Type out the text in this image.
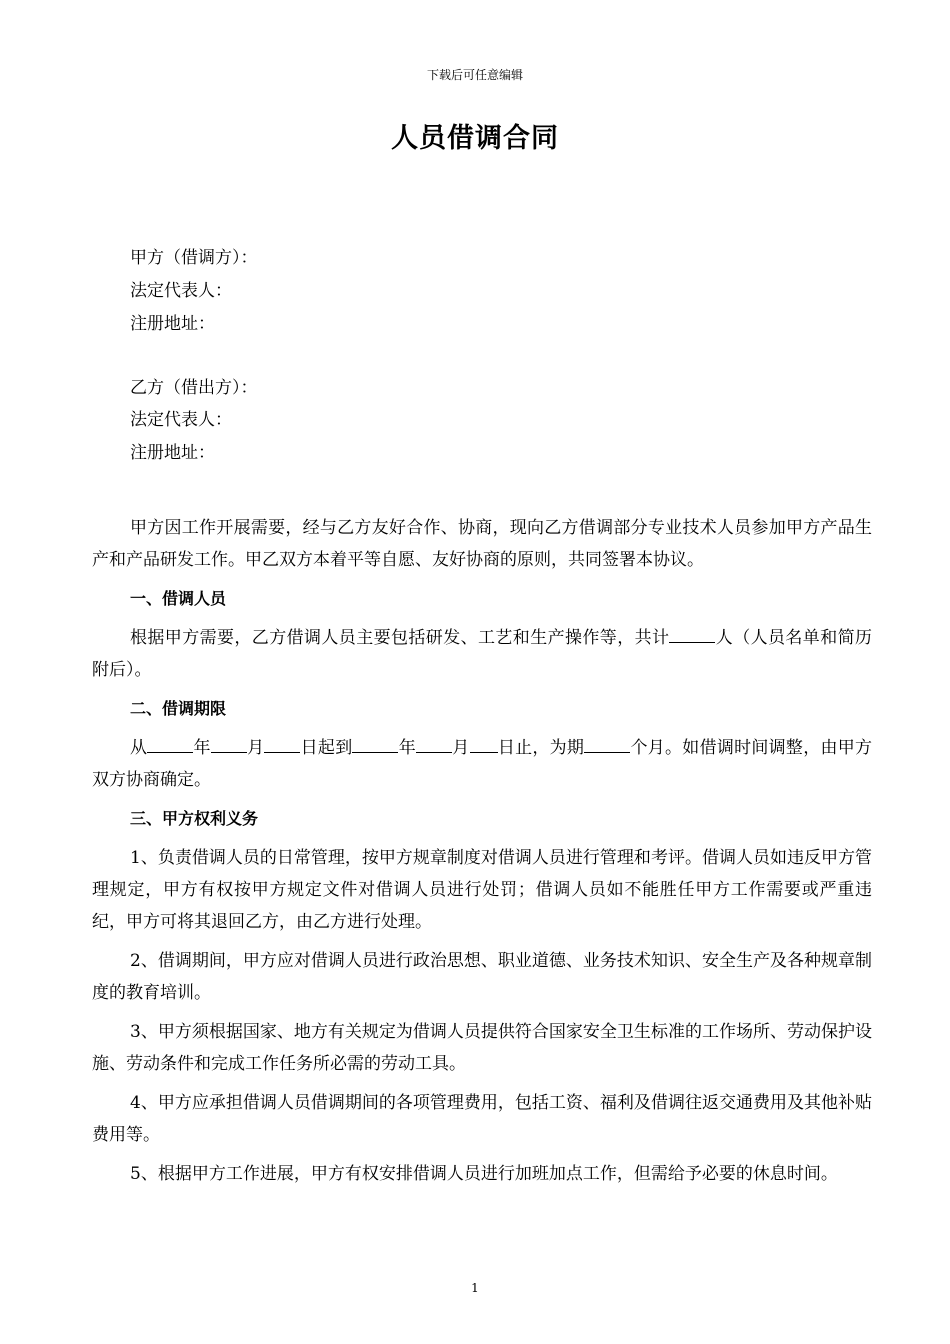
下载后可任意编辑
人员借调合同
甲方（借调方）：
法定代表人：
注册地址：
乙方（借出方）：
法定代表人：
注册地址：

甲方因工作开展需要，经与乙方友好合作、协商，现向乙方借调部分专业技术人员参加甲方产品生产和产品研发工作。甲乙双方本着平等自愿、友好协商的原则，共同签署本协议。

一、借调人员

根据甲方需要，乙方借调人员主要包括研发、工艺和生产操作等，共计	人（人员名单和简历附后）。

二、借调期限

从	年 月 日起到	年 月 日止，为期	个月。如借调时间调整，由甲方双方协商确定。

三、甲方权利义务

1、负责借调人员的日常管理，按甲方规章制度对借调人员进行管理和考评。借调人员如违反甲方管理规定，甲方有权按甲方规定文件对借调人员进行处罚；借调人员如不能胜任甲方工作需要或严重违纪，甲方可将其退回乙方，由乙方进行处理。

2、借调期间，甲方应对借调人员进行政治思想、职业道德、业务技术知识、安全生产及各种规章制度的教育培训。

3、甲方须根据国家、地方有关规定为借调人员提供符合国家安全卫生标准的工作场所、劳动保护设施、劳动条件和完成工作任务所必需的劳动工具。

4、甲方应承担借调人员借调期间的各项管理费用，包括工资、福利及借调往返交通费用及其他补贴费用等。

5、根据甲方工作进展，甲方有权安排借调人员进行加班加点工作，但需给予必要的休息时间。

1
